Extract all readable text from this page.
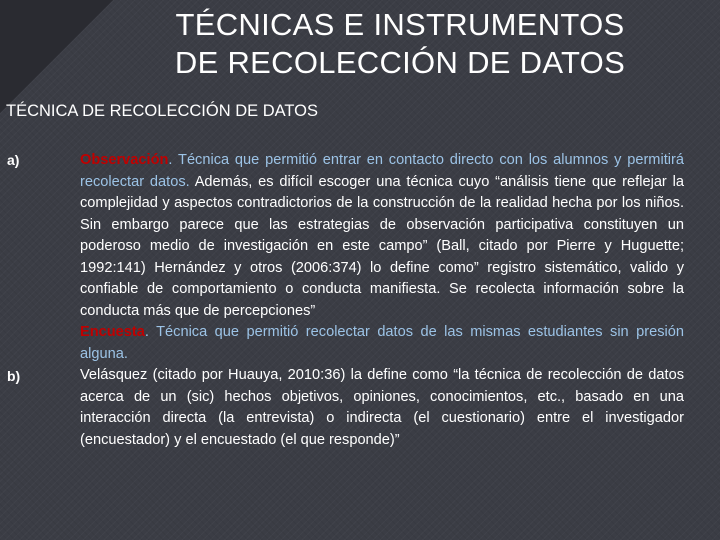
TÉCNICAS E INSTRUMENTOS
DE RECOLECCIÓN DE DATOS
TÉCNICA DE RECOLECCIÓN DE DATOS
a)
b)

Observación. Técnica que permitió entrar en contacto directo con los alumnos y permitirá recolectar datos. Además, es difícil escoger una técnica cuyo “análisis tiene que reflejar la complejidad y aspectos contradictorios de la construcción de la realidad hecha por los niños. Sin embargo parece que las estrategias de observación participativa constituyen un poderoso medio de investigación en este campo” (Ball, citado por Pierre y Huguette; 1992:141) Hernández y otros (2006:374) lo define como” registro sistemático, valido y confiable de comportamiento o conducta manifiesta. Se recolecta información sobre la conducta más que de percepciones”

Encuesta. Técnica que permitió recolectar datos de las mismas estudiantes sin presión alguna.

Velásquez (citado por Huauya, 2010:36) la define como “la técnica de recolección de datos acerca de un (sic) hechos objetivos, opiniones, conocimientos, etc., basado en una interacción directa (la entrevista) o indirecta (el cuestionario) entre el investigador (encuestador) y el encuestado (el que responde)”
